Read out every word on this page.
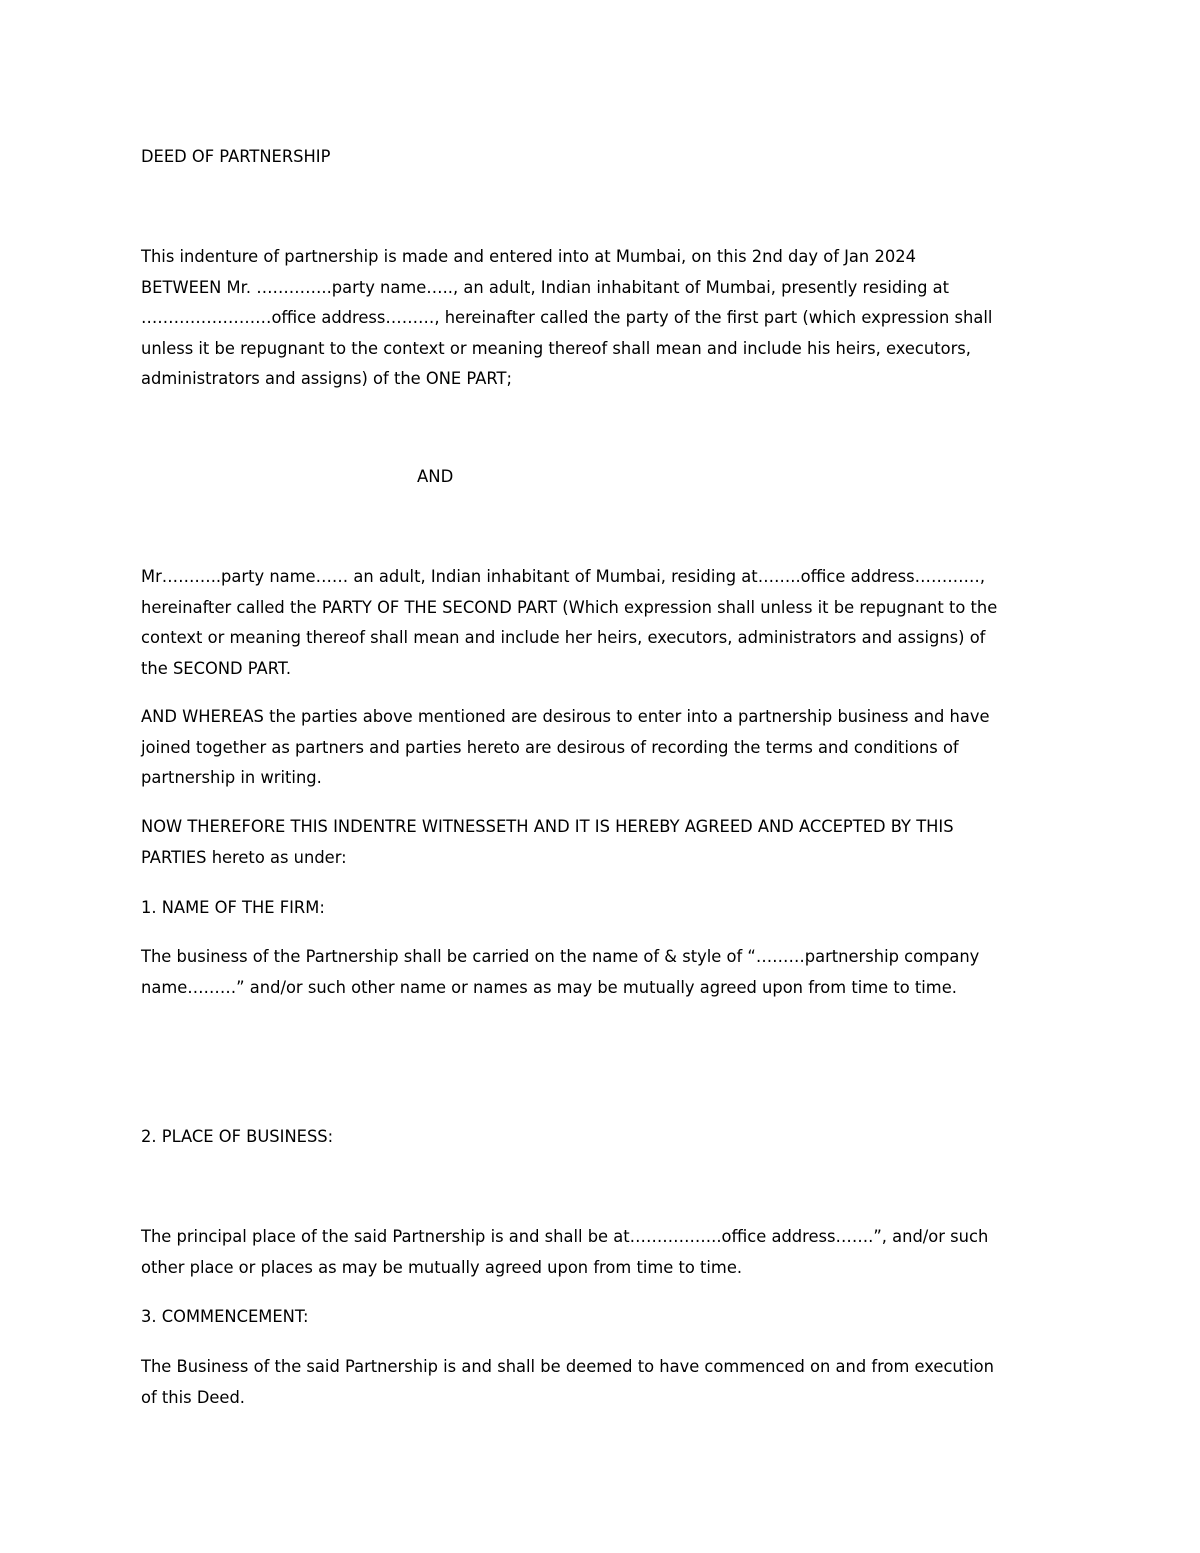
DEED OF PARTNERSHIP

This indenture of partnership is made and entered into at Mumbai, on this 2nd day of Jan 2024
BETWEEN Mr. …………..party name….., an adult, Indian inhabitant of Mumbai, presently residing at
……………………office address………, hereinafter called the party of the first part (which expression shall
unless it be repugnant to the context or meaning thereof shall mean and include his heirs, executors,
administrators and assigns) of the ONE PART;

AND

Mr………..party name…… an adult, Indian inhabitant of Mumbai, residing at……..office address…………,
hereinafter called the PARTY OF THE SECOND PART (Which expression shall unless it be repugnant to the
context or meaning thereof shall mean and include her heirs, executors, administrators and assigns) of
the SECOND PART.

AND WHEREAS the parties above mentioned are desirous to enter into a partnership business and have
joined together as partners and parties hereto are desirous of recording the terms and conditions of
partnership in writing.

NOW THEREFORE THIS INDENTRE WITNESSETH AND IT IS HEREBY AGREED AND ACCEPTED BY THIS
PARTIES hereto as under:

1. NAME OF THE FIRM:

The business of the Partnership shall be carried on the name of & style of “………partnership company
name………” and/or such other name or names as may be mutually agreed upon from time to time.

2. PLACE OF BUSINESS:

The principal place of the said Partnership is and shall be at……………..office address…….”, and/or such
other place or places as may be mutually agreed upon from time to time.

3. COMMENCEMENT:

The Business of the said Partnership is and shall be deemed to have commenced on and from execution
of this Deed.
